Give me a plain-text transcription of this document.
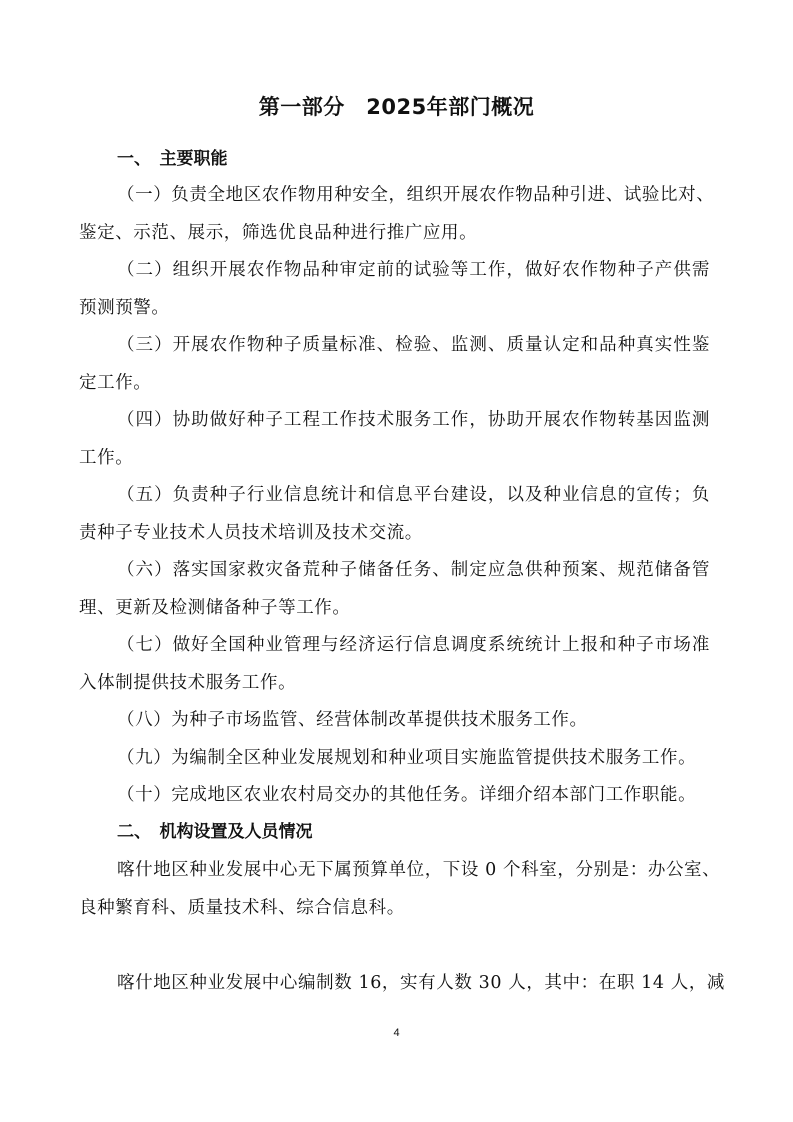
第一部分　2025年部门概况
一、　主要职能
（一）负责全地区农作物用种安全，组织开展农作物品种引进、试验比对、
鉴定、示范、展示，筛选优良品种进行推广应用。
（二）组织开展农作物品种审定前的试验等工作，做好农作物种子产供需
预测预警。
（三）开展农作物种子质量标准、检验、监测、质量认定和品种真实性鉴
定工作。
（四）协助做好种子工程工作技术服务工作，协助开展农作物转基因监测
工作。
（五）负责种子行业信息统计和信息平台建设，以及种业信息的宣传；负
责种子专业技术人员技术培训及技术交流。
（六）落实国家救灾备荒种子储备任务、制定应急供种预案、规范储备管
理、更新及检测储备种子等工作。
（七）做好全国种业管理与经济运行信息调度系统统计上报和种子市场准
入体制提供技术服务工作。
（八）为种子市场监管、经营体制改革提供技术服务工作。
（九）为编制全区种业发展规划和种业项目实施监管提供技术服务工作。
（十）完成地区农业农村局交办的其他任务。详细介绍本部门工作职能。
二、　机构设置及人员情况
喀什地区种业发展中心无下属预算单位，下设 0 个科室，分别是：办公室、
良种繁育科、质量技术科、综合信息科。
喀什地区种业发展中心编制数 16，实有人数 30 人，其中：在职 14 人，减
4
